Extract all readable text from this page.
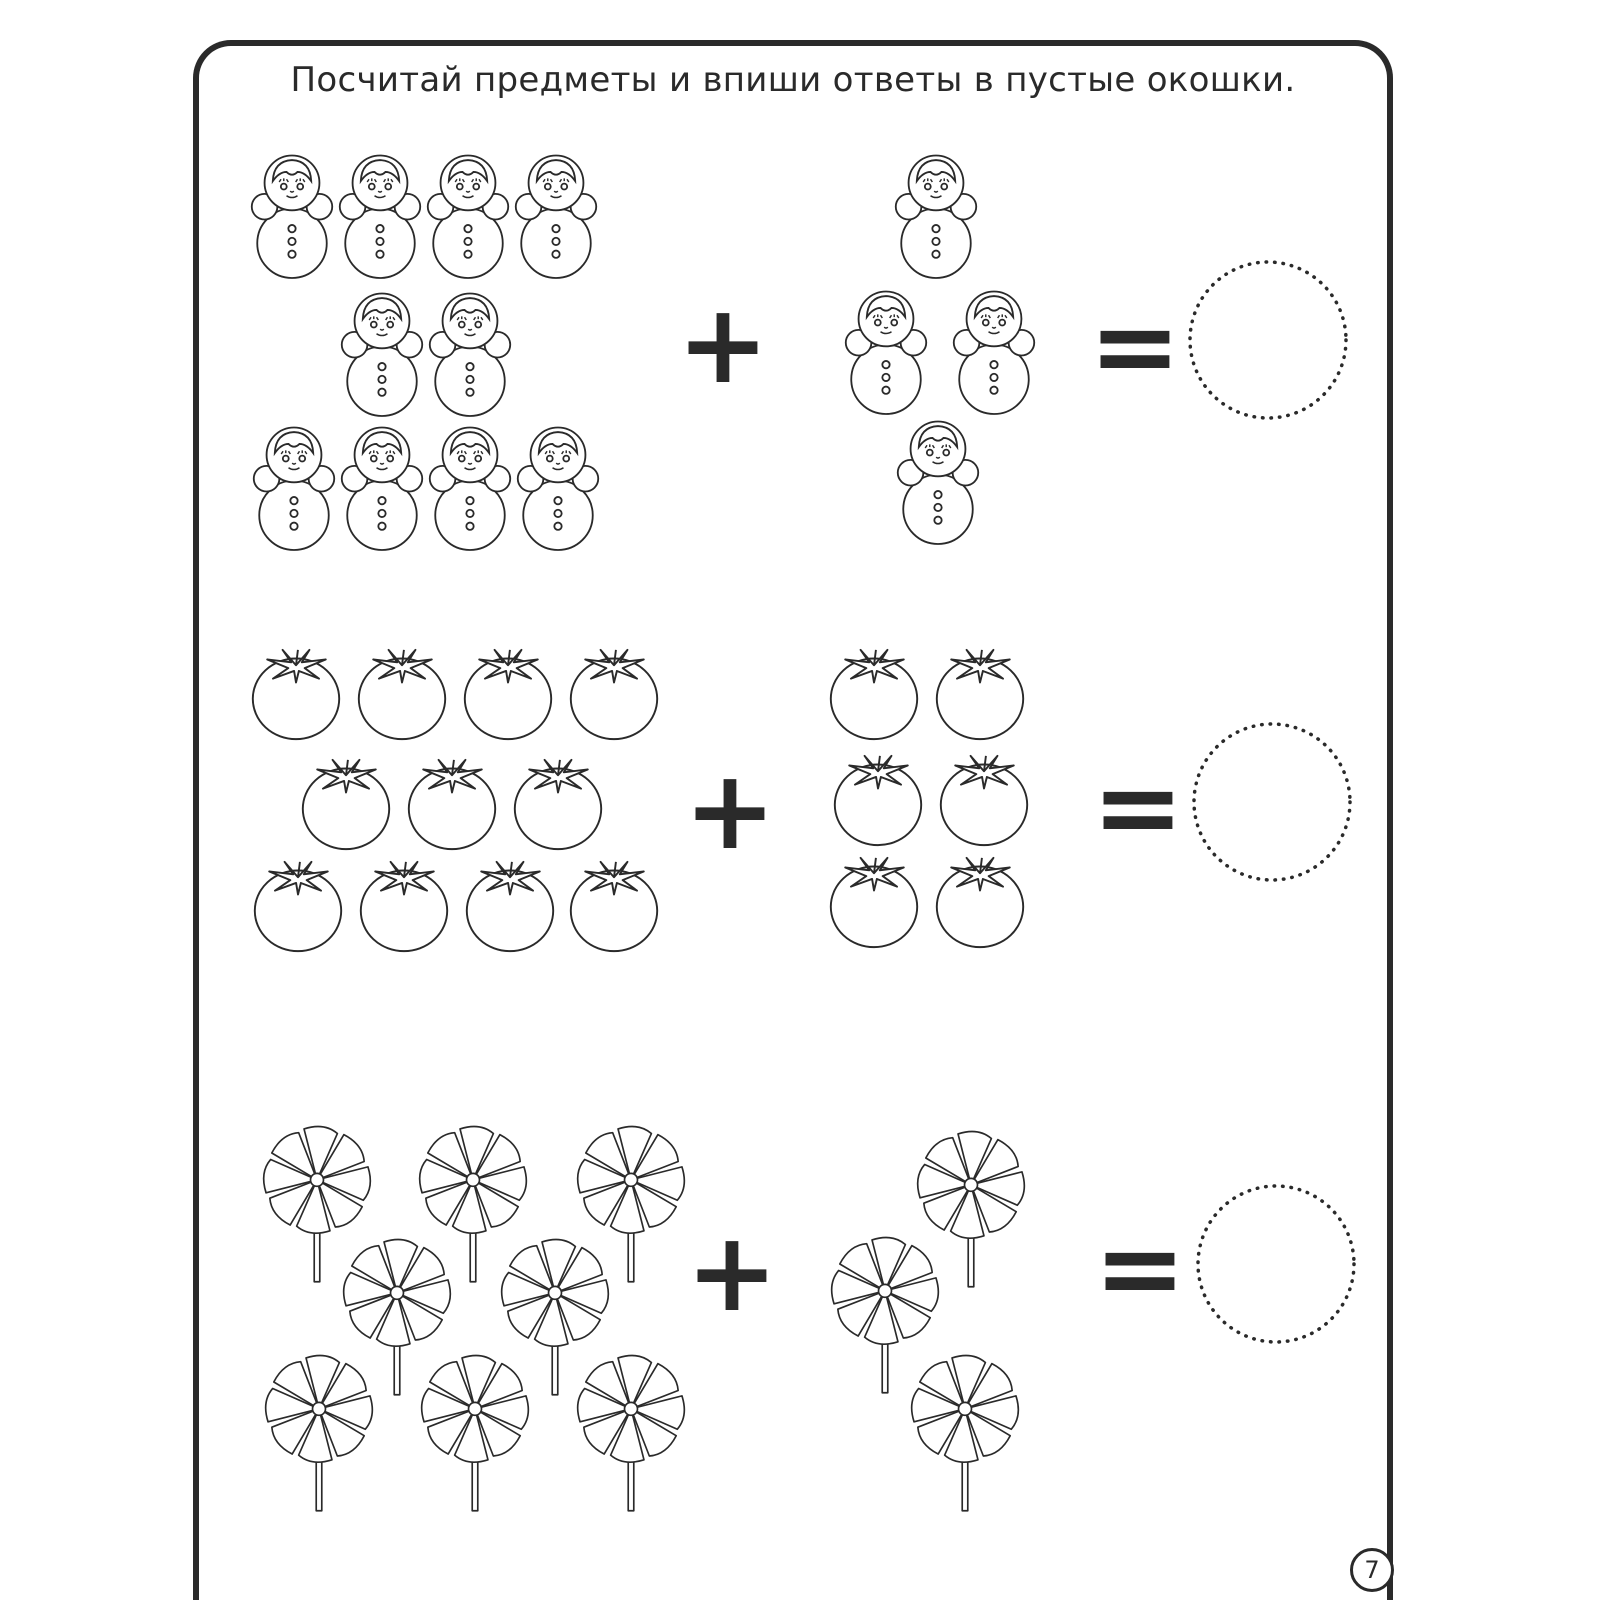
Посчитай предметы и впиши ответы в пустые окошки.
+	=
+	=
+	=
7
